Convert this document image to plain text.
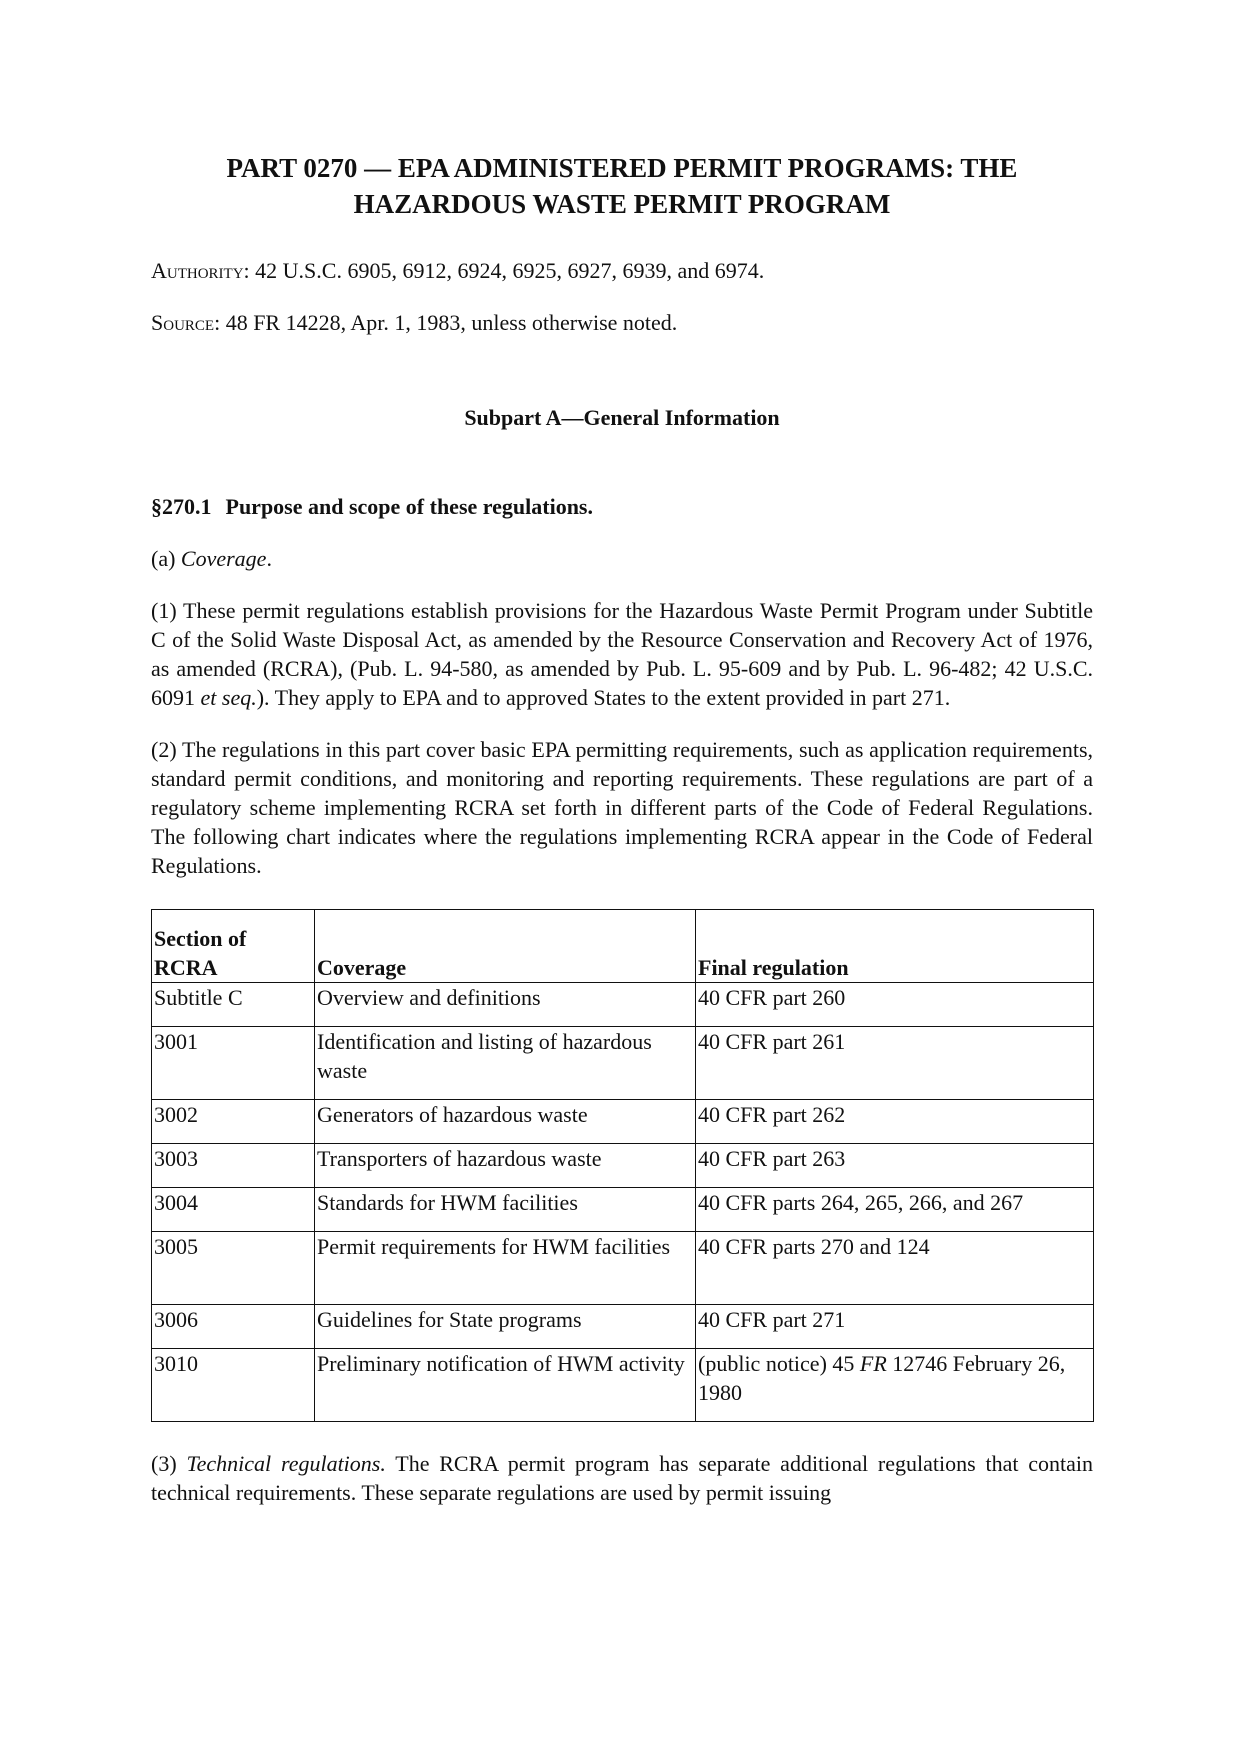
PART 0270 — EPA ADMINISTERED PERMIT PROGRAMS: THE
HAZARDOUS WASTE PERMIT PROGRAM

Authority: 42 U.S.C. 6905, 6912, 6924, 6925, 6927, 6939, and 6974.

Source: 48 FR 14228, Apr. 1, 1983, unless otherwise noted.

Subpart A—General Information

§270.1 Purpose and scope of these regulations.

(a) Coverage.

(1) These permit regulations establish provisions for the Hazardous Waste Permit Program under Subtitle C of the Solid Waste Disposal Act, as amended by the Resource Conservation and Recovery Act of 1976, as amended (RCRA), (Pub. L. 94-580, as amended by Pub. L. 95-609 and by Pub. L. 96-482; 42 U.S.C. 6091 et seq.). They apply to EPA and to approved States to the extent provided in part 271.

(2) The regulations in this part cover basic EPA permitting requirements, such as application requirements, standard permit conditions, and monitoring and reporting requirements. These regulations are part of a regulatory scheme implementing RCRA set forth in different parts of the Code of Federal Regulations. The following chart indicates where the regulations implementing RCRA appear in the Code of Federal Regulations.

Section of RCRA	Coverage	Final regulation
Subtitle C	Overview and definitions	40 CFR part 260
3001	Identification and listing of hazardous waste	40 CFR part 261
3002	Generators of hazardous waste	40 CFR part 262
3003	Transporters of hazardous waste	40 CFR part 263
3004	Standards for HWM facilities	40 CFR parts 264, 265, 266, and 267
3005	Permit requirements for HWM facilities	40 CFR parts 270 and 124
3006	Guidelines for State programs	40 CFR part 271
3010	Preliminary notification of HWM activity	(public notice) 45 FR 12746 February 26, 1980

(3) Technical regulations. The RCRA permit program has separate additional regulations that contain technical requirements. These separate regulations are used by permit issuing
